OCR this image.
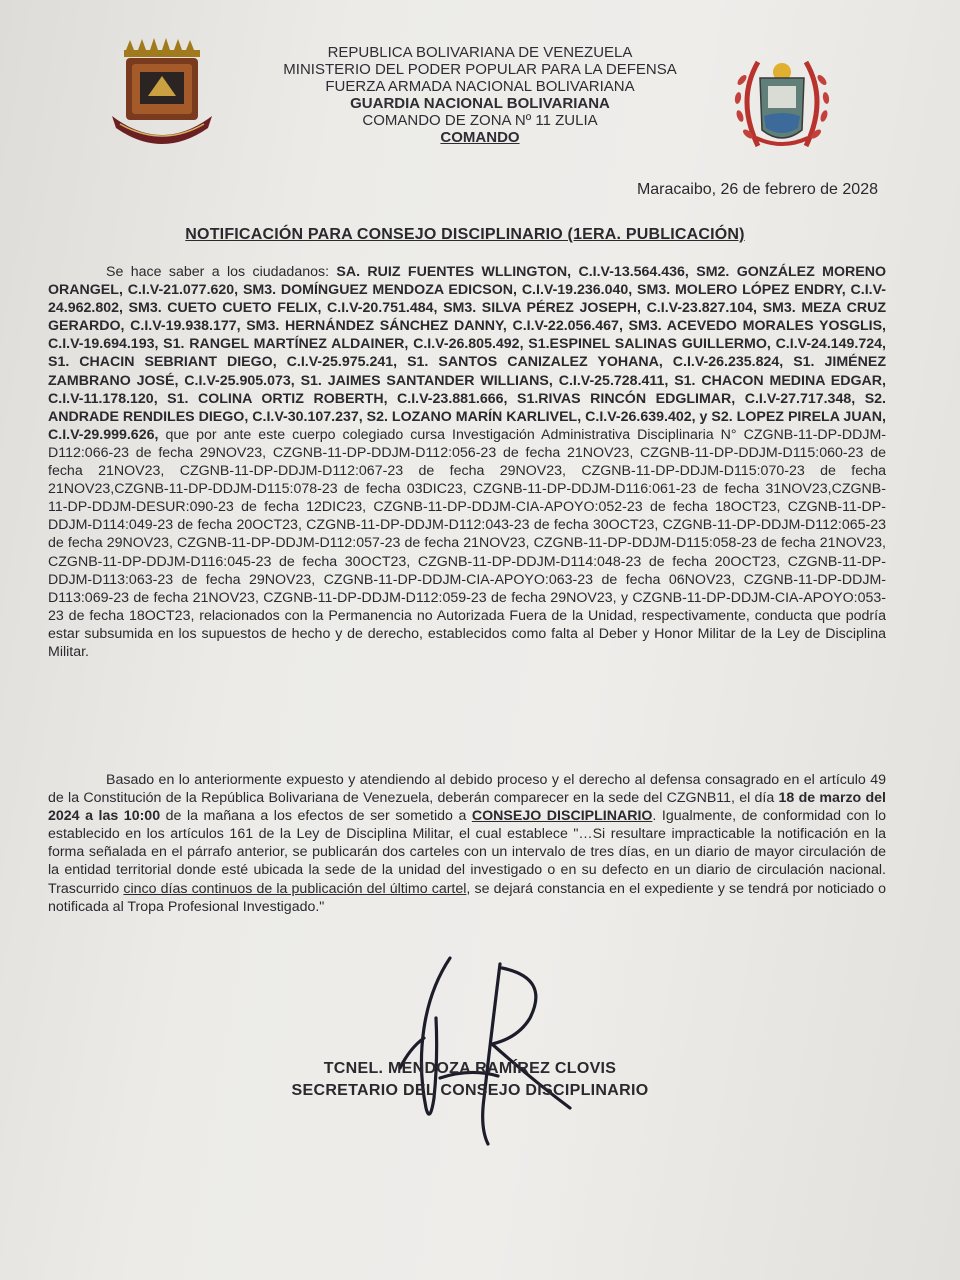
REPUBLICA BOLIVARIANA DE VENEZUELA
MINISTERIO DEL PODER POPULAR PARA LA DEFENSA
FUERZA ARMADA NACIONAL BOLIVARIANA
GUARDIA NACIONAL BOLIVARIANA
COMANDO DE ZONA Nº 11 ZULIA
COMANDO
Maracaibo, 26 de febrero de 2028
NOTIFICACIÓN PARA CONSEJO DISCIPLINARIO (1ERA. PUBLICACIÓN)
Se hace saber a los ciudadanos: SA. RUIZ FUENTES WLLINGTON, C.I.V-13.564.436, SM2. GONZÁLEZ MORENO ORANGEL, C.I.V-21.077.620, SM3. DOMÍNGUEZ MENDOZA EDICSON, C.I.V-19.236.040, SM3. MOLERO LÓPEZ ENDRY, C.I.V-24.962.802, SM3. CUETO CUETO FELIX, C.I.V-20.751.484, SM3. SILVA PÉREZ JOSEPH, C.I.V-23.827.104, SM3. MEZA CRUZ GERARDO, C.I.V-19.938.177, SM3. HERNÁNDEZ SÁNCHEZ DANNY, C.I.V-22.056.467, SM3. ACEVEDO MORALES YOSGLIS, C.I.V-19.694.193, S1. RANGEL MARTÍNEZ ALDAINER, C.I.V-26.805.492, S1.ESPINEL SALINAS GUILLERMO, C.I.V-24.149.724, S1. CHACIN SEBRIANT DIEGO, C.I.V-25.975.241, S1. SANTOS CANIZALEZ YOHANA, C.I.V-26.235.824, S1. JIMÉNEZ ZAMBRANO JOSÉ, C.I.V-25.905.073, S1. JAIMES SANTANDER WILLIANS, C.I.V-25.728.411, S1. CHACON MEDINA EDGAR, C.I.V-11.178.120, S1. COLINA ORTIZ ROBERTH, C.I.V-23.881.666, S1.RIVAS RINCÓN EDGLIMAR, C.I.V-27.717.348, S2. ANDRADE RENDILES DIEGO, C.I.V-30.107.237, S2. LOZANO MARÍN KARLIVEL, C.I.V-26.639.402, y S2. LOPEZ PIRELA JUAN, C.I.V-29.999.626, que por ante este cuerpo colegiado cursa Investigación Administrativa Disciplinaria N° CZGNB-11-DP-DDJM-D112:066-23 de fecha 29NOV23, CZGNB-11-DP-DDJM-D112:056-23 de fecha 21NOV23, CZGNB-11-DP-DDJM-D115:060-23 de fecha 21NOV23, CZGNB-11-DP-DDJM-D112:067-23 de fecha 29NOV23, CZGNB-11-DP-DDJM-D115:070-23 de fecha 21NOV23,CZGNB-11-DP-DDJM-D115:078-23 de fecha 03DIC23, CZGNB-11-DP-DDJM-D116:061-23 de fecha 31NOV23,CZGNB-11-DP-DDJM-DESUR:090-23 de fecha 12DIC23, CZGNB-11-DP-DDJM-CIA-APOYO:052-23 de fecha 18OCT23, CZGNB-11-DP-DDJM-D114:049-23 de fecha 20OCT23, CZGNB-11-DP-DDJM-D112:043-23 de fecha 30OCT23, CZGNB-11-DP-DDJM-D112:065-23 de fecha 29NOV23, CZGNB-11-DP-DDJM-D112:057-23 de fecha 21NOV23, CZGNB-11-DP-DDJM-D115:058-23 de fecha 21NOV23, CZGNB-11-DP-DDJM-D116:045-23 de fecha 30OCT23, CZGNB-11-DP-DDJM-D114:048-23 de fecha 20OCT23, CZGNB-11-DP-DDJM-D113:063-23 de fecha 29NOV23, CZGNB-11-DP-DDJM-CIA-APOYO:063-23 de fecha 06NOV23, CZGNB-11-DP-DDJM-D113:069-23 de fecha 21NOV23, CZGNB-11-DP-DDJM-D112:059-23 de fecha 29NOV23, y CZGNB-11-DP-DDJM-CIA-APOYO:053-23 de fecha 18OCT23, relacionados con la Permanencia no Autorizada Fuera de la Unidad, respectivamente, conducta que podría estar subsumida en los supuestos de hecho y de derecho, establecidos como falta al Deber y Honor Militar de la Ley de Disciplina Militar.
Basado en lo anteriormente expuesto y atendiendo al debido proceso y el derecho al defensa consagrado en el artículo 49 de la Constitución de la República Bolivariana de Venezuela, deberán comparecer en la sede del CZGNB11, el día 18 de marzo del 2024 a las 10:00 de la mañana a los efectos de ser sometido a CONSEJO DISCIPLINARIO. Igualmente, de conformidad con lo establecido en los artículos 161 de la Ley de Disciplina Militar, el cual establece "…Si resultare impracticable la notificación en la forma señalada en el párrafo anterior, se publicarán dos carteles con un intervalo de tres días, en un diario de mayor circulación de la entidad territorial donde esté ubicada la sede de la unidad del investigado o en su defecto en un diario de circulación nacional. Trascurrido cinco días continuos de la publicación del último cartel, se dejará constancia en el expediente y se tendrá por noticiado o notificada al Tropa Profesional Investigado."
TCNEL. MENDOZA RAMÍREZ CLOVIS
SECRETARIO DEL CONSEJO DISCIPLINARIO
